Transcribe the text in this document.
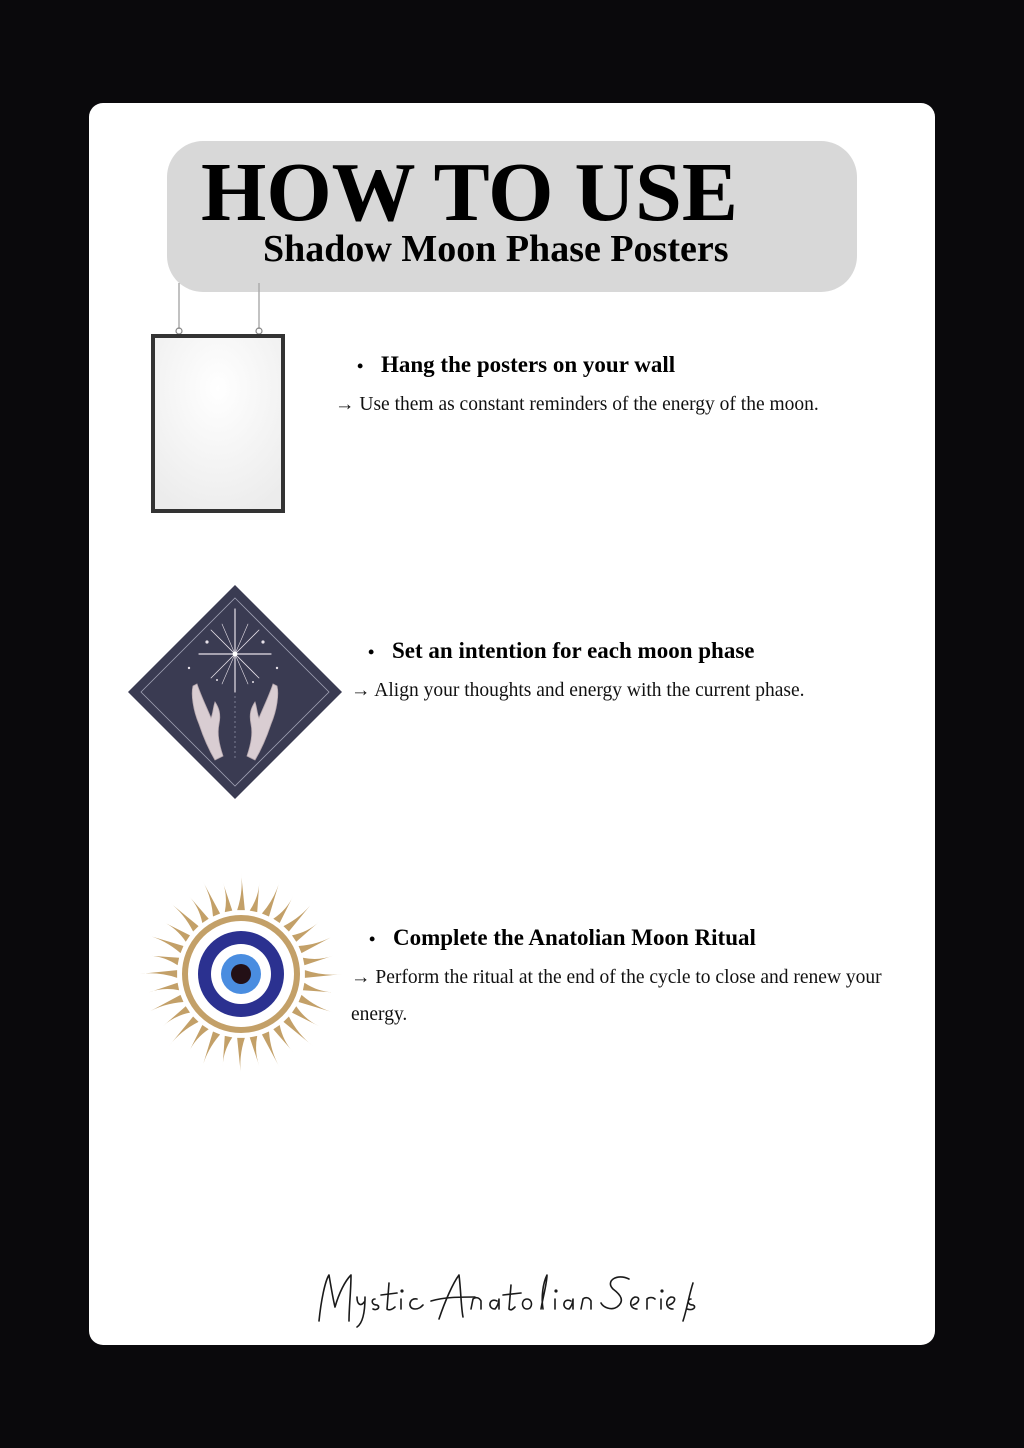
HOW TO USE
Shadow Moon Phase Posters
• Hang the posters on your wall
→ Use them as constant reminders of the energy of the moon.
• Set an intention for each moon phase
→ Align your thoughts and energy with the current phase.
• Complete the Anatolian Moon Ritual
→ Perform the ritual at the end of the cycle to close and renew your energy.
